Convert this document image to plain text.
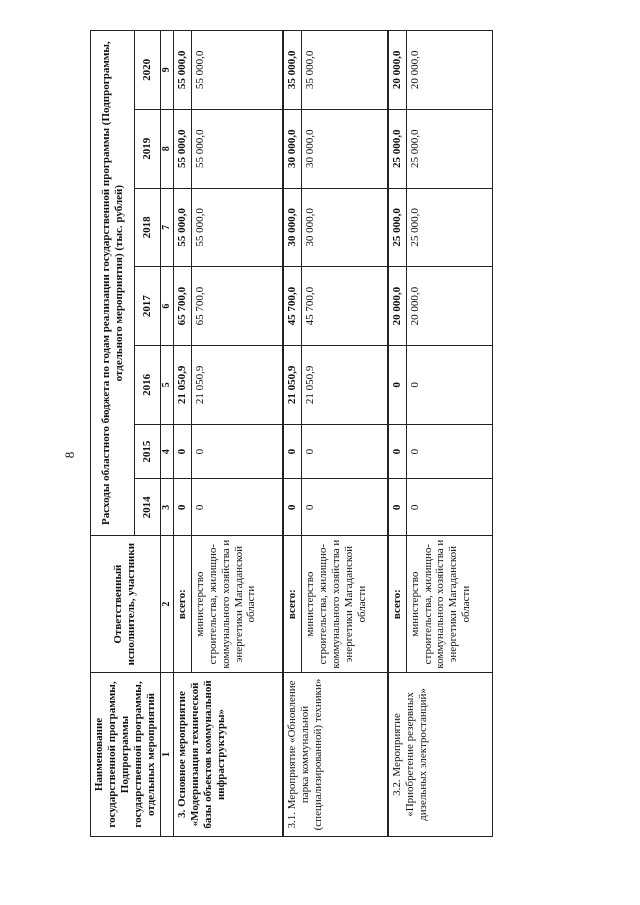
8
Наименование государственной программы, Подпрограммы государственной программы, отдельных мероприятий	Ответственный исполнитель, участники	Расходы областного бюджета по годам реализации государственной программы (Подпрограммы, отдельного мероприятия) (тыс. рублей)						
		2014	2015	2016	2017	2018	2019	2020
1	2	3	4	5	6	7	8	9
3. Основное мероприятие «Модернизация технической базы объектов коммунальной инфраструктуры»	всего:	0	0	21 050,9	65 700,0	55 000,0	55 000,0	55 000,0
	министерство строительства, жилищно-коммунального хозяйства и энергетики Магаданской области	0	0	21 050,9	65 700,0	55 000,0	55 000,0	55 000,0
3.1. Мероприятие «Обновление парка коммунальной (специализированной) техники»	всего:	0	0	21 050,9	45 700,0	30 000,0	30 000,0	35 000,0
	министерство строительства, жилищно-коммунального хозяйства и энергетики Магаданской области	0	0	21 050,9	45 700,0	30 000,0	30 000,0	35 000,0
3.2. Мероприятие «Приобретение резервных дизельных электростанций»	всего:	0	0	0	20 000,0	25 000,0	25 000,0	20 000,0
	министерство строительства, жилищно-коммунального хозяйства и энергетики Магаданской области	0	0	0	20 000,0	25 000,0	25 000,0	20 000,0
